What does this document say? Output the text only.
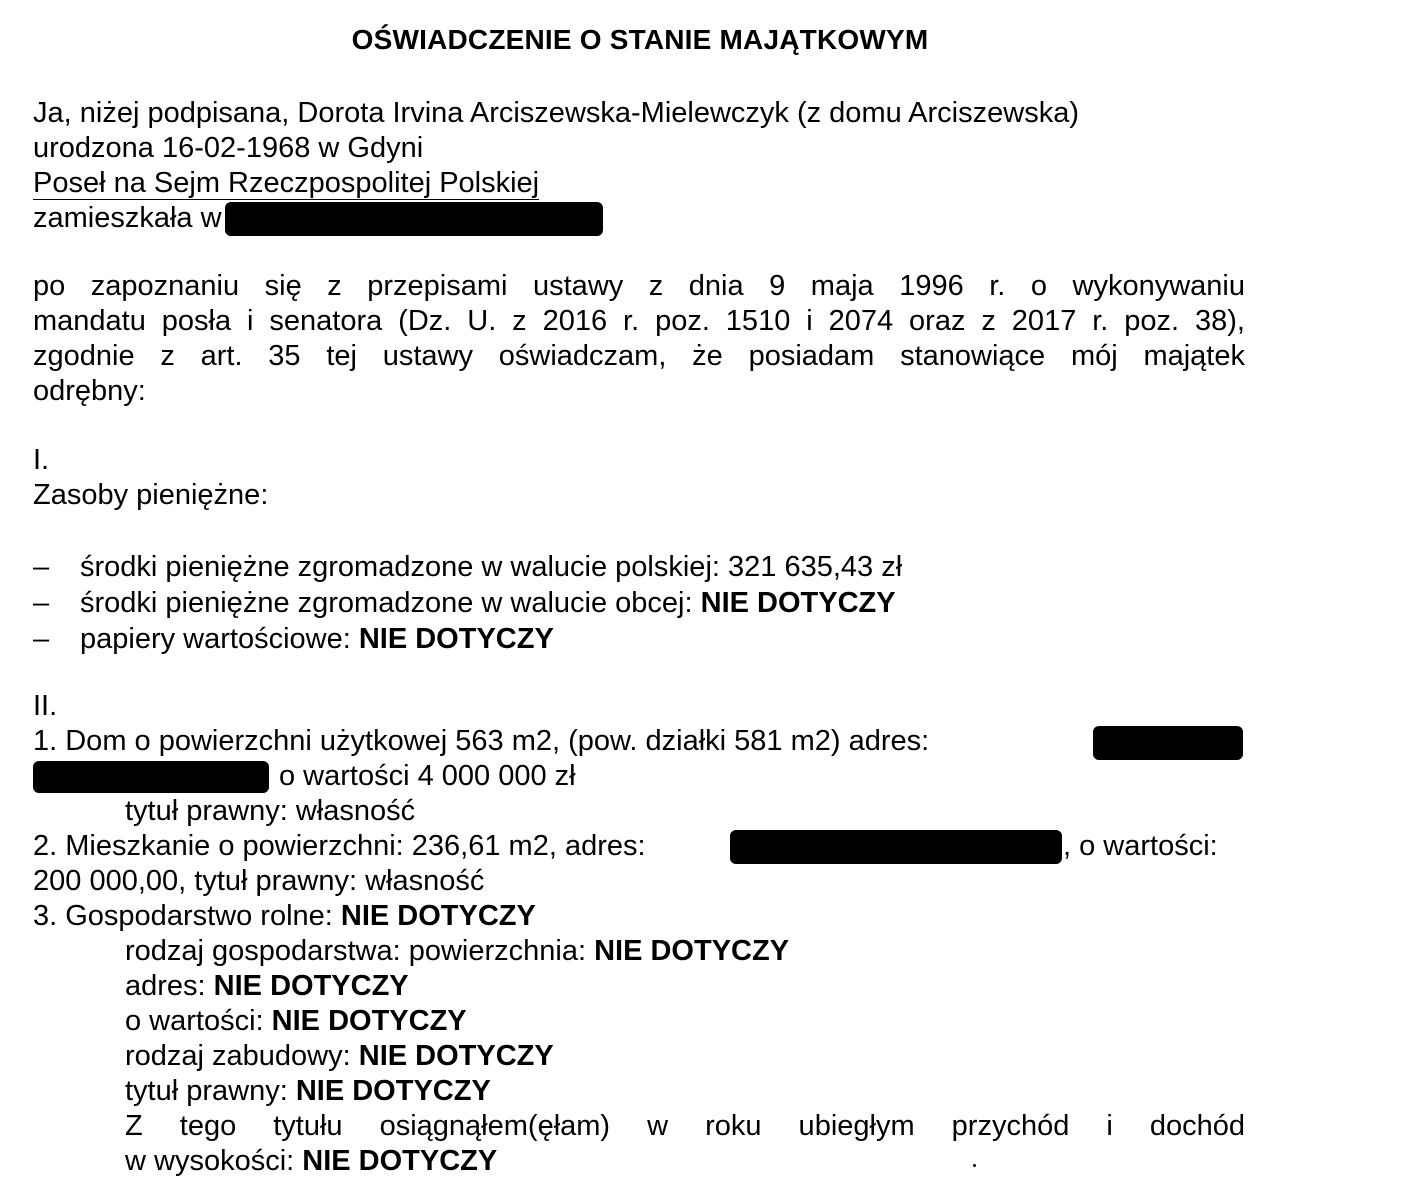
OŚWIADCZENIE O STANIE MAJĄTKOWYM
Ja, niżej podpisana, Dorota Irvina Arciszewska-Mielewczyk (z domu Arciszewska)
urodzona 16-02-1968 w Gdyni
Poseł na Sejm Rzeczpospolitej Polskiej
zamieszkała w
po zapoznaniu się z przepisami ustawy z dnia 9 maja 1996 r. o wykonywaniu
mandatu posła i senatora (Dz. U. z 2016 r. poz. 1510 i 2074 oraz z 2017 r. poz. 38),
zgodnie z art. 35 tej ustawy oświadczam, że posiadam stanowiące mój majątek
odrębny:
I.
Zasoby pieniężne:
– środki pieniężne zgromadzone w walucie polskiej: 321 635,43 zł
– środki pieniężne zgromadzone w walucie obcej: NIE DOTYCZY
– papiery wartościowe: NIE DOTYCZY
II.
1. Dom o powierzchni użytkowej 563 m2, (pow. działki 581 m2) adres:
o wartości 4 000 000 zł
tytuł prawny: własność
2. Mieszkanie o powierzchni: 236,61 m2, adres:	, o wartości:
200 000,00, tytuł prawny: własność
3. Gospodarstwo rolne: NIE DOTYCZY
rodzaj gospodarstwa: powierzchnia: NIE DOTYCZY
adres: NIE DOTYCZY
o wartości: NIE DOTYCZY
rodzaj zabudowy: NIE DOTYCZY
tytuł prawny: NIE DOTYCZY
Z tego tytułu osiągnąłem(ęłam) w roku ubiegłym przychód i dochód
w wysokości: NIE DOTYCZY
